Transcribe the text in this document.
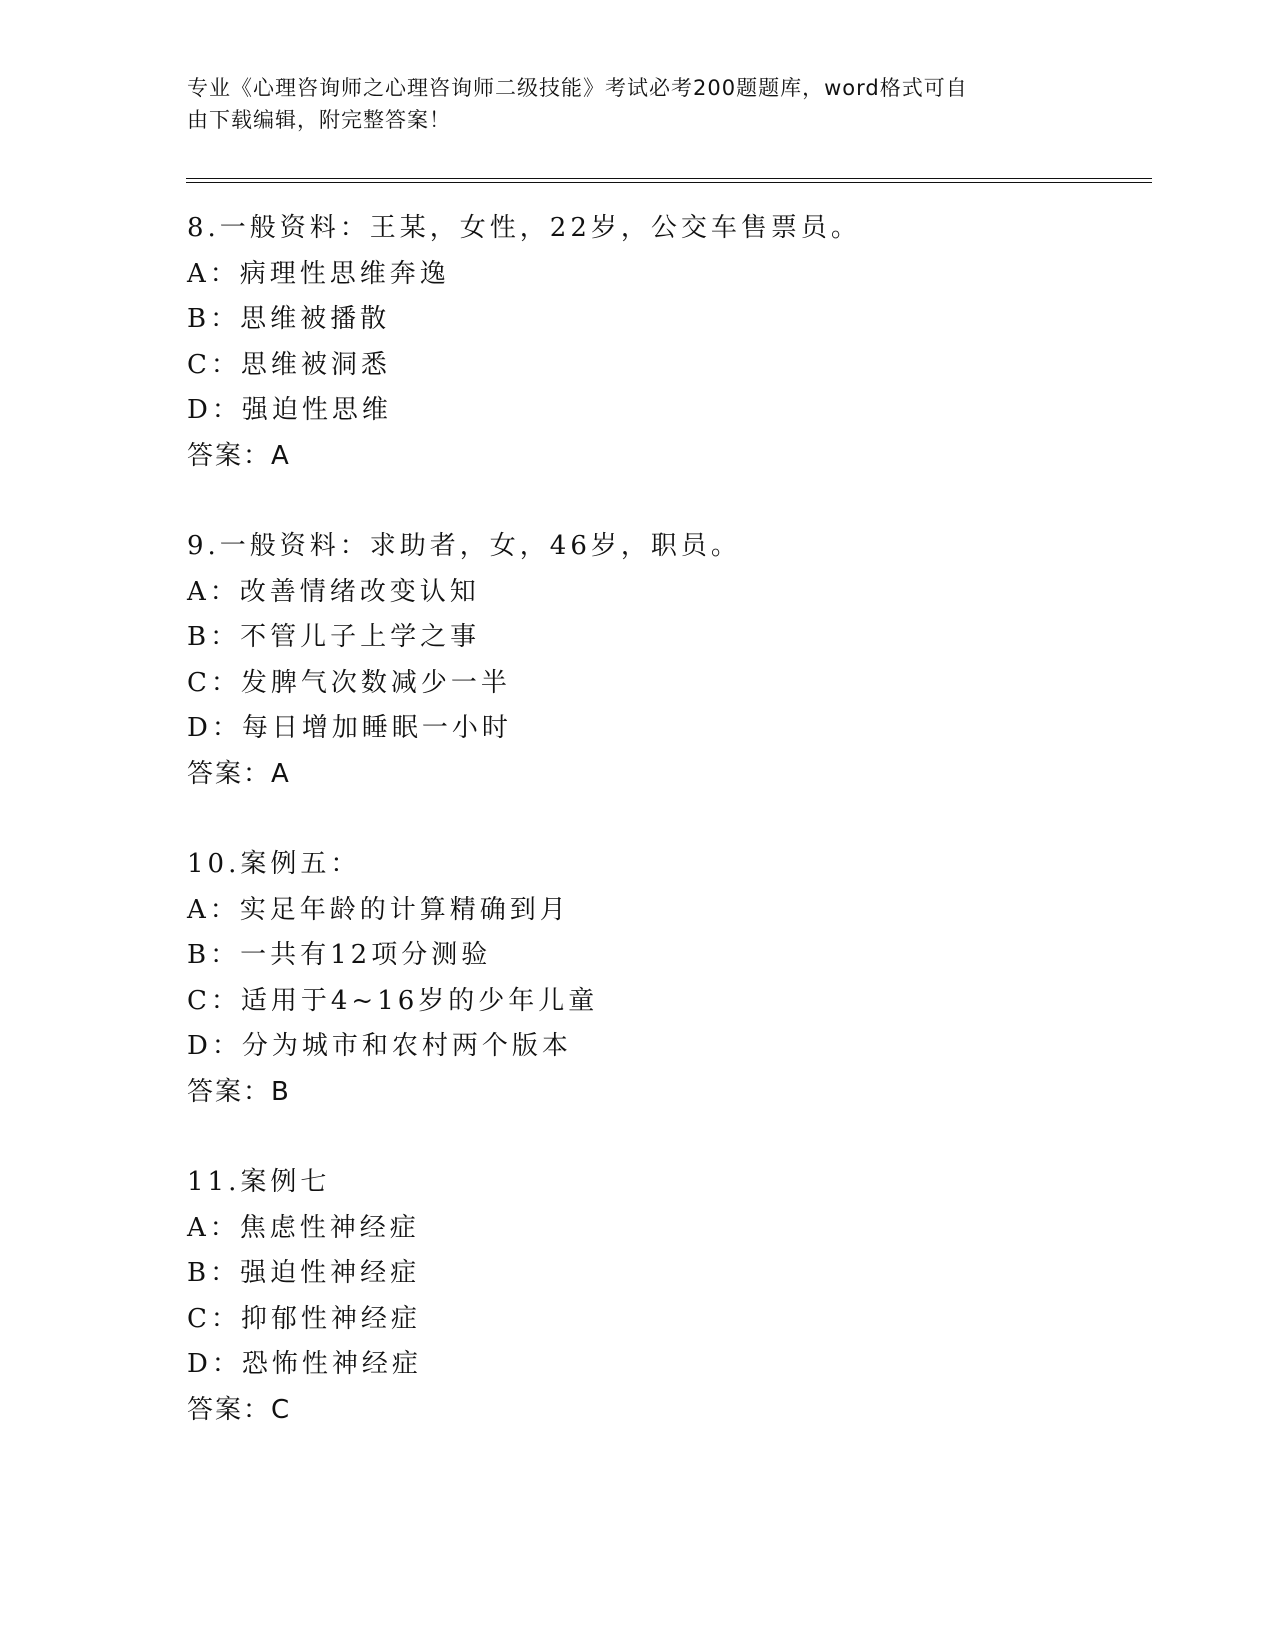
专业《心理咨询师之心理咨询师二级技能》考试必考200题题库，word格式可自
由下载编辑，附完整答案！
8.一般资料：王某，女性，22岁，公交车售票员。
A：病理性思维奔逸
B：思维被播散
C：思维被洞悉
D：强迫性思维
答案：A
9.一般资料：求助者，女，46岁，职员。
A：改善情绪改变认知
B：不管儿子上学之事
C：发脾气次数减少一半
D：每日增加睡眠一小时
答案：A
10.案例五：
A：实足年龄的计算精确到月
B：一共有12项分测验
C：适用于4~16岁的少年儿童
D：分为城市和农村两个版本
答案：B
11.案例七
A：焦虑性神经症
B：强迫性神经症
C：抑郁性神经症
D：恐怖性神经症
答案：C
